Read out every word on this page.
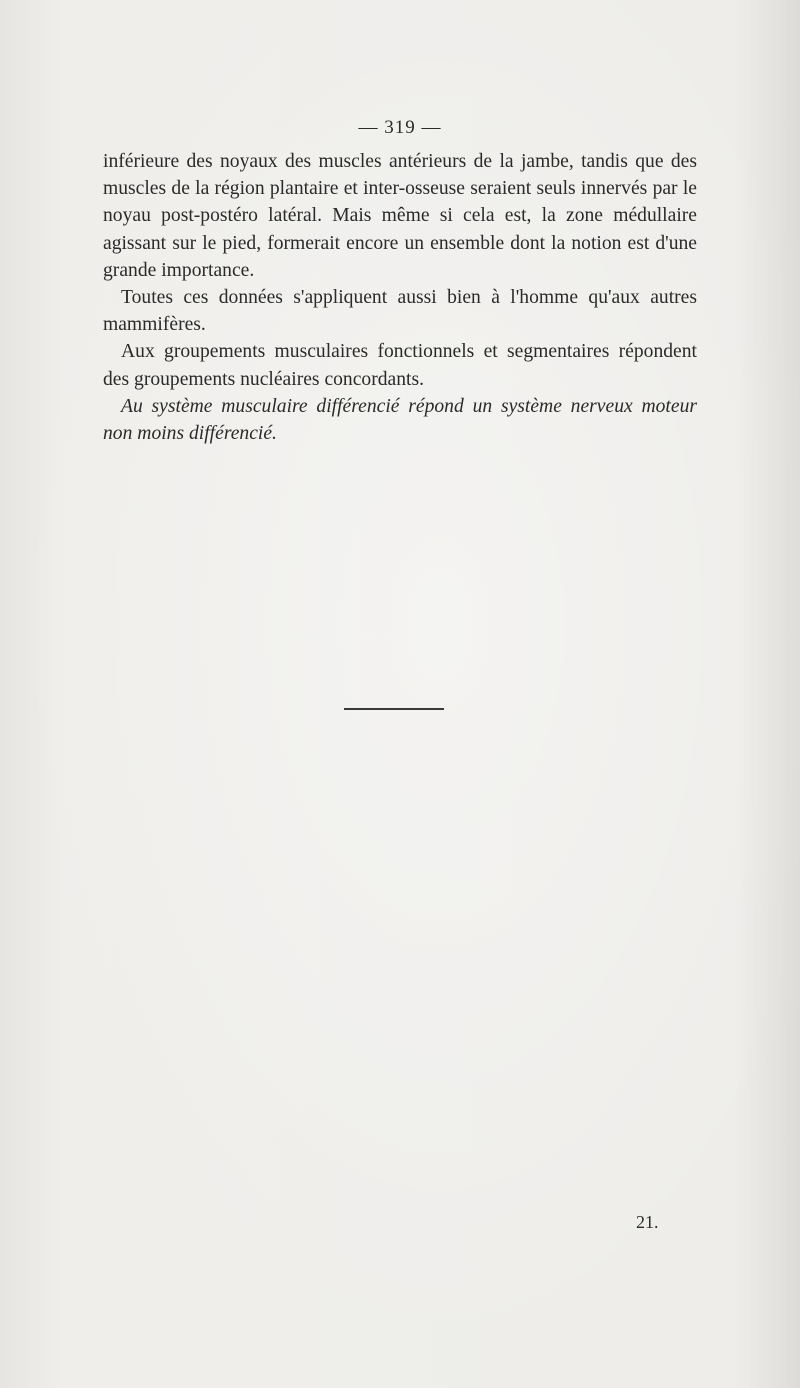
— 319 —

inférieure des noyaux des muscles antérieurs de la jambe, tandis que des muscles de la région plantaire et inter-osseuse seraient seuls innervés par le noyau post-postéro latéral. Mais même si cela est, la zone médullaire agissant sur le pied, formerait encore un ensemble dont la notion est d'une grande importance.

Toutes ces données s'appliquent aussi bien à l'homme qu'aux autres mammifères.

Aux groupements musculaires fonctionnels et segmentaires répondent des groupements nucléaires concordants.

Au système musculaire différencié répond un système nerveux moteur non moins différencié.

21.
